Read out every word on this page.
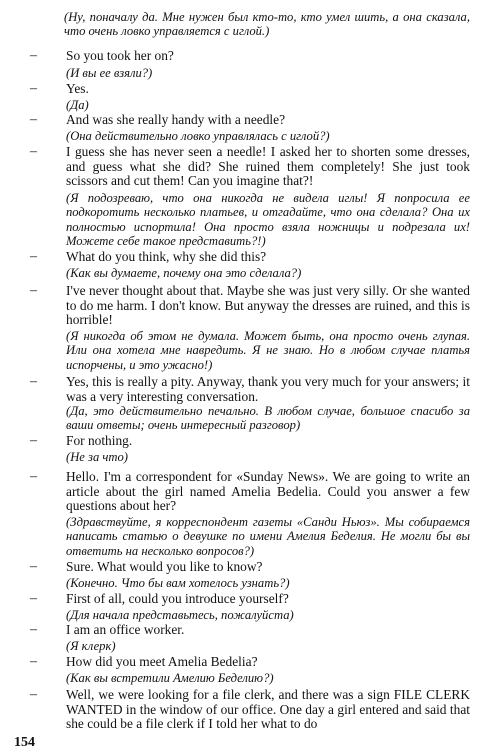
(Ну, поначалу да. Мне нужен был кто-то, кто умел шить, а она сказала, что очень ловко управляется с иглой.)
– So you took her on?
(И вы ее взяли?)
– Yes.
(Да)
– And was she really handy with a needle?
(Она действительно ловко управлялась с иглой?)
– I guess she has never seen a needle! I asked her to shorten some dresses, and guess what she did? She ruined them completely! She just took scissors and cut them! Can you imagine that?!
(Я подозреваю, что она никогда не видела иглы! Я попросила ее подкоротить несколько платьев, и отгадайте, что она сделала? Она их полностью испортила! Она просто взяла ножницы и подрезала их! Можете себе такое представить?!)
– What do you think, why she did this?
(Как вы думаете, почему она это сделала?)
– I've never thought about that. Maybe she was just very silly. Or she wanted to do me harm. I don't know. But anyway the dresses are ruined, and this is horrible!
(Я никогда об этом не думала. Может быть, она просто очень глупая. Или она хотела мне навредить. Я не знаю. Но в любом случае платья испорчены, и это ужасно!)
– Yes, this is really a pity. Anyway, thank you very much for your answers; it was a very interesting conversation.
(Да, это действительно печально. В любом случае, большое спасибо за ваши ответы; очень интересный разговор)
– For nothing.
(Не за что)
– Hello. I'm a correspondent for «Sunday News». We are going to write an article about the girl named Amelia Bedelia. Could you answer a few questions about her?
(Здравствуйте, я корреспондент газеты «Санди Ньюз». Мы собираемся написать статью о девушке по имени Амелия Беделия. Не могли бы вы ответить на несколько вопросов?)
– Sure. What would you like to know?
(Конечно. Что бы вам хотелось узнать?)
– First of all, could you introduce yourself?
(Для начала представьтесь, пожалуйста)
– I am an office worker.
(Я клерк)
– How did you meet Amelia Bedelia?
(Как вы встретили Амелию Беделию?)
– Well, we were looking for a file clerk, and there was a sign FILE CLERK WANTED in the window of our office. One day a girl entered and said that she could be a file clerk if I told her what to do
154
